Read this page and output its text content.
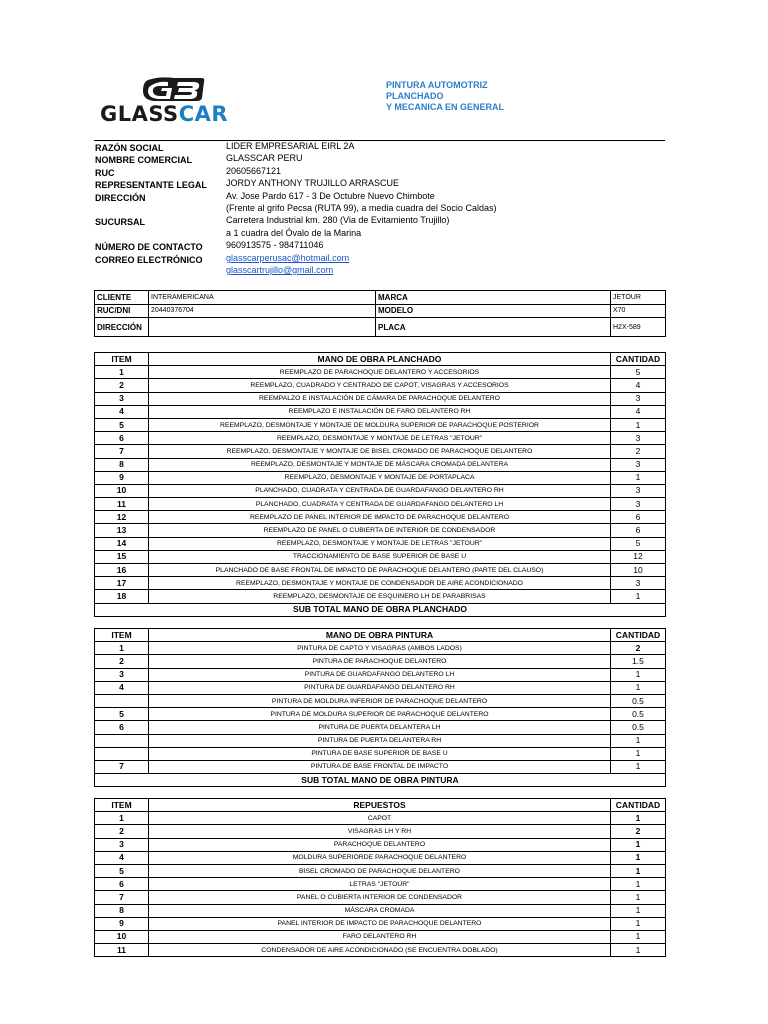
GLASSCAR
PINTURA AUTOMOTRIZ
PLANCHADO
Y MECANICA EN GENERAL
RAZÓN SOCIAL	LIDER EMPRESARIAL EIRL 2A
NOMBRE COMERCIAL	GLASSCAR PERU
RUC	20605667121
REPRESENTANTE LEGAL JORDY ANTHONY TRUJILLO ARRASCUE
DIRECCIÓN	Av. Jose Pardo 617 - 3 De Octubre Nuevo Chimbote
(Frente al grifo Pecsa (RUTA 99), a media cuadra del Socio Caldas)
SUCURSAL	Carretera Industrial km. 280 (Via de Evitamiento Trujillo)
a 1 cuadra del Óvalo de la Marina
NÚMERO DE CONTACTO	960913575 - 984711046
CORREO ELECTRÓNICO	glasscarperusac@hotmail.com
glasscartrujillo@gmail.com
CLIENTE	INTERAMERICANA	MARCA	JETOUR
RUC/DNI	20440376704	MODELO	X70
DIRECCIÓN		PLACA	H2X-589
ITEM	MANO DE OBRA PLANCHADO	CANTIDAD
1	REEMPLAZO DE PARACHOQUE DELANTERO Y ACCESORIOS	5
2	REEMPLAZO, CUADRADO Y CENTRADO DE CAPOT, VISAGRAS Y ACCESORIOS	4
3	REEMPALZO E INSTALACIÓN DE CÁMARA DE PARACHOQUE DELANTERO	3
4	REEMPLAZO E INSTALACIÓN DE FARO DELANTERO RH	4
5	REEMPLAZO, DESMONTAJE Y MONTAJE DE MOLDURA SUPERIOR DE PARACHOQUE POSTERIOR	1
6	REEMPLAZO, DESMONTAJE Y MONTAJE DE LETRAS "JETOUR"	3
7	REEMPLAZO, DESMONTAJE Y MONTAJE DE BISEL CROMADO DE PARACHOQUE DELANTERO	2
8	REEMPLAZO, DESMONTAJE Y MONTAJE DE MÁSCARA CROMADA DELANTERA	3
9	REEMPLAZO, DESMONTAJE Y MONTAJE DE PORTAPLACA	1
10	PLANCHADO, CUADRATA Y CENTRADA DE GUARDAFANGO DELANTERO RH	3
11	PLANCHADO, CUADRATA Y CENTRADA DE GUARDAFANGO DELANTERO LH	3
12	REEMPLAZO DE PANEL INTERIOR DE IMPACTO DE PARACHOQUE DELANTERO	6
13	REEMPLAZO DE PANEL O CUBIERTA DE INTERIOR DE CONDENSADOR	6
14	REEMPLAZO, DESMONTAJE Y MONTAJE DE LETRAS "JETOUR"	5
15	TRACCIONAMIENTO DE BASE SUPERIOR DE BASE U	12
16	PLANCHADO DE BASE FRONTAL DE IMPACTO DE PARACHOQUE DELANTERO (PARTE DEL CLAUSO)	10
17	REEMPLAZO, DESMONTAJE Y MONTAJE DE CONDENSADOR DE AIRE ACONDICIONADO	3
18	REEMPLAZO, DESMONTAJE DE ESQUINERO LH DE PARABRISAS	1
SUB TOTAL MANO DE OBRA PLANCHADO		
ITEM	MANO DE OBRA PINTURA	CANTIDAD
1	PINTURA DE CAPTO Y VISAGRAS (AMBOS LADOS)	2
2	PINTURA DE PARACHOQUE DELANTERO	1.5
3	PINTURA DE GUARDAFANGO DELANTERO LH	1
4	PINTURA DE GUARDAFANGO DELANTERO RH	1
	PINTURA DE MOLDURA INFERIOR DE PARACHOQUE DELANTERO	0.5
5	PINTURA DE MOLDURA SUPERIOR DE PARACHOQUE DELANTERO	0.5
6	PINTURA DE PUERTA DELANTERA LH	0.5
	PINTURA DE PUERTA DELANTERA RH	1
	PINTURA DE BASE SUPERIOR DE BASE U	1
7	PINTURA DE BASE FRONTAL DE IMPACTO	1
SUB TOTAL MANO DE OBRA PINTURA		
ITEM	REPUESTOS	CANTIDAD
1	CAPOT	1
2	VISAGRAS LH Y RH	2
3	PARACHOQUE DELANTERO	1
4	MOLDURA SUPERIORDE PARACHOQUE DELANTERO	1
5	BISEL CROMADO DE PARACHOQUE DELANTERO	1
6	LETRAS "JETOUR"	1
7	PANEL O CUBIERTA INTERIOR DE CONDENSADOR	1
8	MÁSCARA CROMADA	1
9	PANEL INTERIOR DE IMPACTO DE PARACHOQUE DELANTERO	1
10	FARO DELANTERO RH	1
11	CONDENSADOR DE AIRE ACONDICIONADO (SE ENCUENTRA DOBLADO)	1
